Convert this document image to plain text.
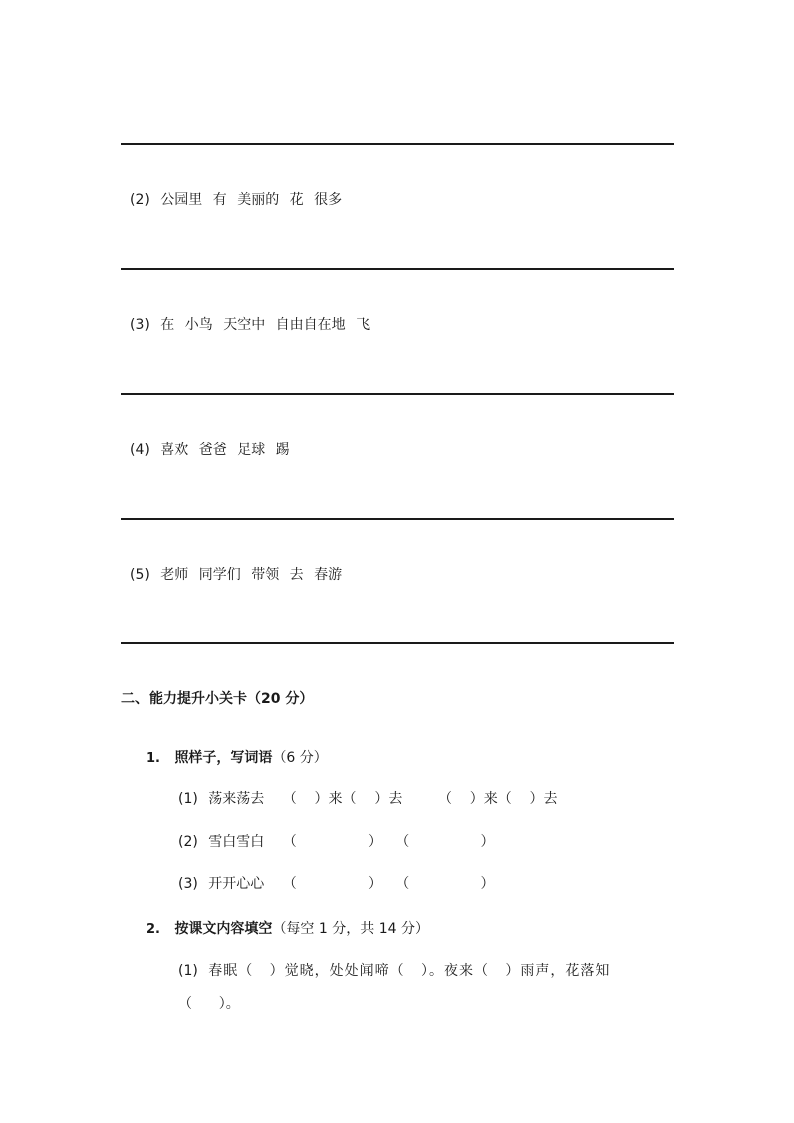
(2) 公园里 有 美丽的 花 很多
(3) 在 小鸟 天空中 自由自在地 飞
(4) 喜欢 爸爸 足球 踢
(5) 老师 同学们 带领 去 春游
二、能力提升小关卡（20 分）
1. 照样子，写词语（6 分）
(1) 荡来荡去 （    ）来（    ）去        （    ）来（    ）去
(2) 雪白雪白 （                ）   （                ）
(3) 开开心心 （                ）   （                ）
2. 按课文内容填空（每空 1 分，共 14 分）
(1) 春眠（   ）觉晓，处处闻啼（   ）。夜来（   ）雨声，花落知
（      ）。
